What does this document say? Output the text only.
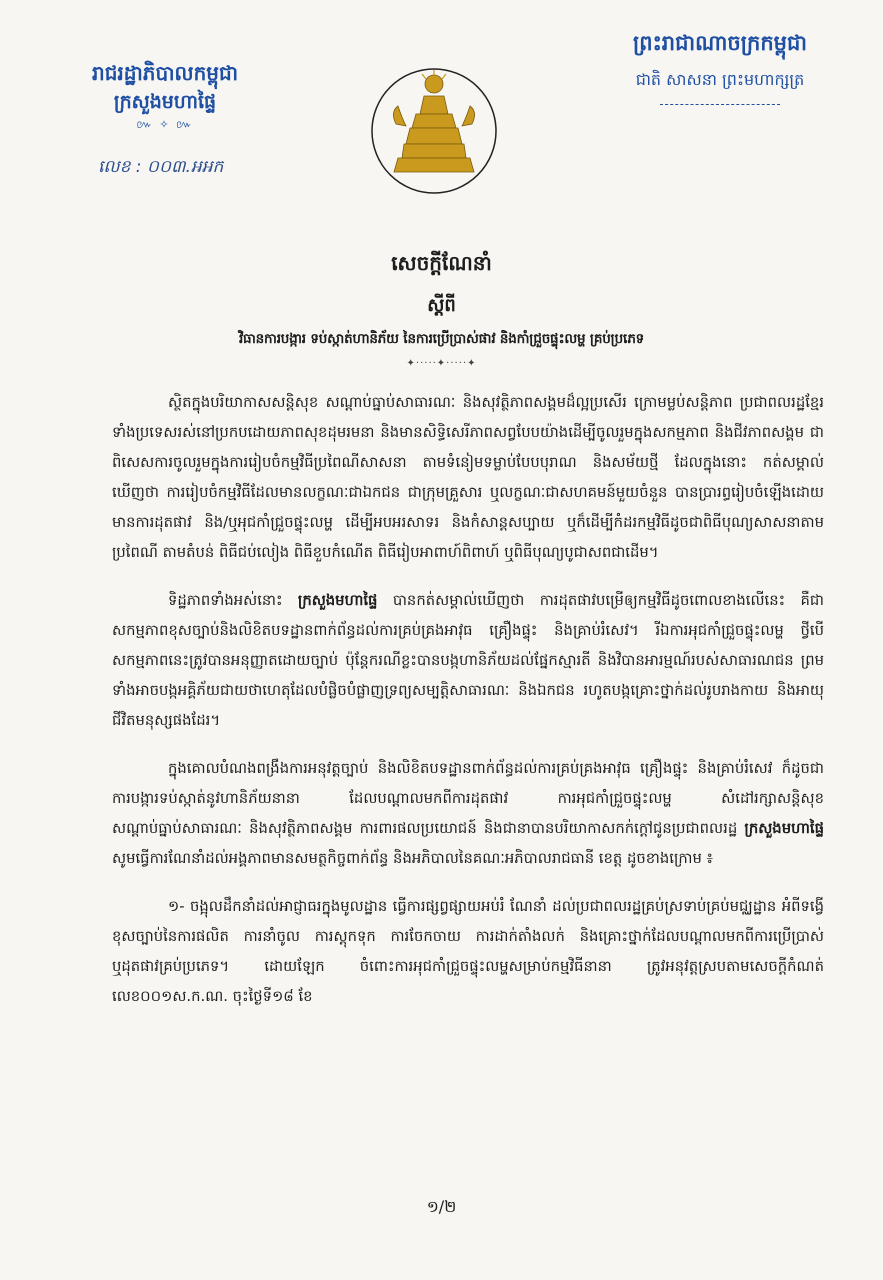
រាជរដ្ឋាភិបាលកម្ពុជា
ក្រសួងមហាផ្ទៃ
៚ ✧ ៚
លេខ : ០០៣.អអក
ព្រះរាជាណាចក្រកម្ពុជា
ជាតិ សាសនា ព្រះមហាក្សត្រ
សេចក្តីណែនាំ
ស្តីពី
វិធានការបង្ការ ទប់ស្កាត់ហានិភ័យ នៃការប្រើប្រាស់ផាវ និងកាំជ្រួចផ្ទុះលម្ហ គ្រប់ប្រភេទ
✦·····✦·····✦

ស្ថិតក្នុងបរិយាកាសសន្តិសុខ សណ្តាប់ធ្នាប់សាធារណៈ និងសុវត្ថិភាពសង្គមដ៏ល្អប្រសើរ ក្រោមម្លប់សន្តិភាព ប្រជាពលរដ្ឋខ្មែរទាំងប្រទេសរស់នៅប្រកបដោយភាពសុខដុមរមនា និងមានសិទ្ធិសេរីភាពសព្វបែបយ៉ាងដើម្បីចូលរួមក្នុងសកម្មភាព និងជីវភាពសង្គម ជាពិសេសការចូលរួមក្នុងការរៀបចំកម្មវិធីប្រពៃណីសាសនា តាមទំនៀមទម្លាប់បែបបុរាណ និងសម័យថ្មី ដែលក្នុងនោះ កត់សម្គាល់ឃើញថា ការរៀបចំកម្មវិធីដែលមានលក្ខណៈជាឯកជន ជាក្រុមគ្រួសារ ឬលក្ខណៈជាសហគមន៍មួយចំនួន បានប្រារព្ធរៀបចំឡើងដោយមានការដុតផាវ និង/ឬអុជកាំជ្រួចផ្ទុះលម្ហ ដើម្បីអបអរសាទរ និងកំសាន្តសប្បាយ ឬក៏ដើម្បីកំដរកម្មវិធីដូចជាពិធីបុណ្យសាសនាតាមប្រពៃណី តាមតំបន់ ពិធីជប់លៀង ពិធីខួបកំណើត ពិធីរៀបអាពាហ៍ពិពាហ៍ ឬពិធីបុណ្យបូជាសពជាដើម។

ទិដ្ឋភាពទាំងអស់នោះ ក្រសួងមហាផ្ទៃ បានកត់សម្គាល់ឃើញថា ការដុតផាវបម្រើឲ្យកម្មវិធីដូចពោលខាងលើនេះ គឺជាសកម្មភាពខុសច្បាប់និងលិខិតបទដ្ឋានពាក់ព័ន្ធដល់ការគ្រប់គ្រងអាវុធ គ្រឿងផ្ទុះ និងគ្រាប់រំសេវ។ រីឯការអុជកាំជ្រួចផ្ទុះលម្ហ ថ្វីបើសកម្មភាពនេះត្រូវបានអនុញ្ញាតដោយច្បាប់ ប៉ុន្តែករណីខ្លះបានបង្កហានិភ័យដល់ផ្នែកស្មារតី និងវិបានអារម្មណ៍របស់សាធារណជន ព្រមទាំងអាចបង្កអគ្គិភ័យជាយថាហេតុដែលបំផ្លិចបំផ្លាញទ្រព្យសម្បត្តិសាធារណៈ និងឯកជន រហូតបង្កគ្រោះថ្នាក់ដល់រូបរាងកាយ និងអាយុជីវិតមនុស្សផងដែរ។

ក្នុងគោលបំណងពង្រឹងការអនុវត្តច្បាប់ និងលិខិតបទដ្ឋានពាក់ព័ន្ធដល់ការគ្រប់គ្រងអាវុធ គ្រឿងផ្ទុះ និងគ្រាប់រំសេវ ក៏ដូចជាការបង្ការទប់ស្កាត់នូវហានិភ័យនានា ដែលបណ្តាលមកពីការដុតផាវ ការអុជកាំជ្រួចផ្ទុះលម្ហ សំដៅរក្សាសន្តិសុខ សណ្តាប់ធ្នាប់សាធារណៈ និងសុវត្ថិភាពសង្គម ការពារផលប្រយោជន៍ និងជានាបានបរិយាកាសកក់ក្តៅជូនប្រជាពលរដ្ឋ ក្រសួងមហាផ្ទៃ សូមធ្វើការណែនាំដល់អង្គភាពមានសមត្ថកិច្ចពាក់ព័ន្ធ និងអភិបាលនៃគណៈអភិបាលរាជធានី ខេត្ត ដូចខាងក្រោម ៖

១- ចង្អុលដឹកនាំដល់អាជ្ញាធរក្នុងមូលដ្ឋាន ធ្វើការផ្សព្វផ្សាយអប់រំ ណែនាំ ដល់ប្រជាពលរដ្ឋគ្រប់ស្រទាប់គ្រប់មជ្ឈដ្ឋាន អំពីទង្វើខុសច្បាប់នៃការផលិត ការនាំចូល ការស្តុកទុក ការចែកចាយ ការដាក់តាំងលក់ និងគ្រោះថ្នាក់ដែលបណ្តាលមកពីការប្រើប្រាស់ ឬដុតផាវគ្រប់ប្រភេទ។ ដោយឡែក ចំពោះការអុជកាំជ្រួចផ្ទុះលម្ហសម្រាប់កម្មវិធីនានា ត្រូវអនុវត្តស្របតាមសេចក្តីកំណត់ លេខ០០១ស.ក.ណ. ចុះថ្ងៃទី១៨ ខែ

១/២
